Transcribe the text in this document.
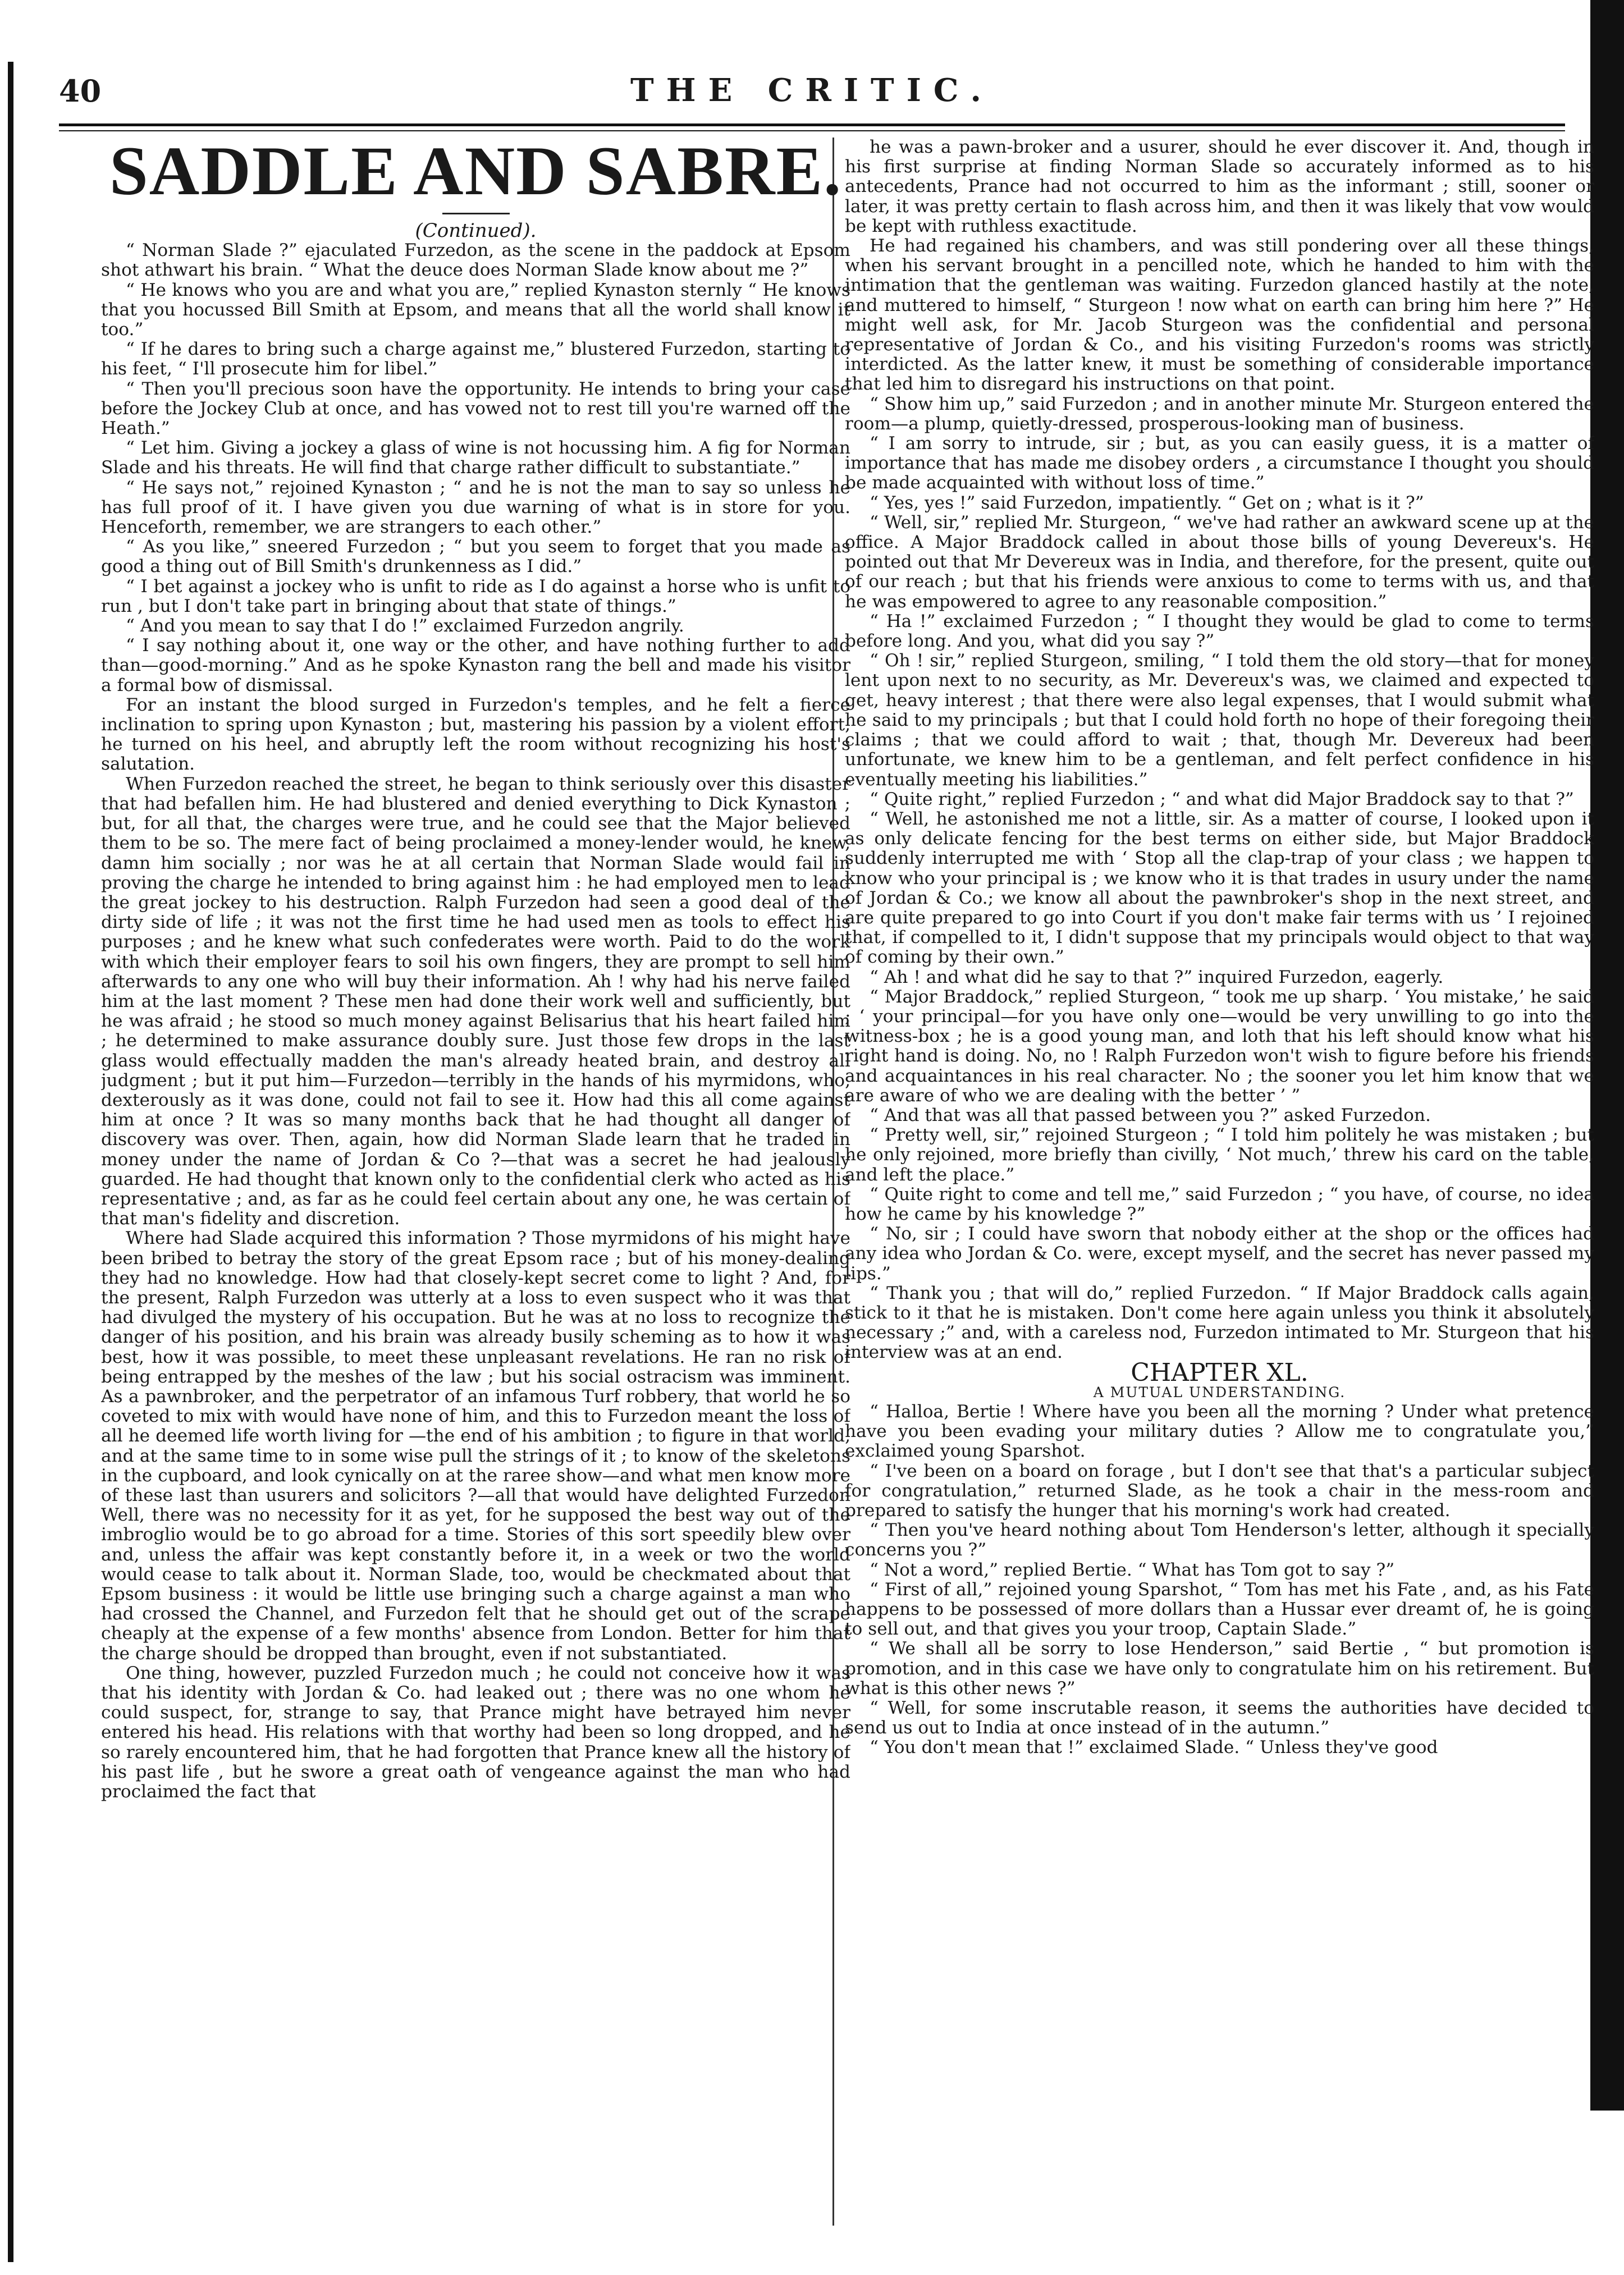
40	THE CRITIC.
SADDLE AND SABRE.

(Continued).

“ Norman Slade ?” ejaculated Furzedon, as the scene in the paddock at Epsom shot athwart his brain. “ What the deuce does Norman Slade know about me ?”

“ He knows who you are and what you are,” replied Kynaston sternly “ He knows that you hocussed Bill Smith at Epsom, and means that all the world shall know it too.”

“ If he dares to bring such a charge against me,” blustered Furzedon, starting to his feet, “ I'll prosecute him for libel.”

“ Then you'll precious soon have the opportunity. He intends to bring your case before the Jockey Club at once, and has vowed not to rest till you're warned off the Heath.”

“ Let him. Giving a jockey a glass of wine is not hocussing him. A fig for Norman Slade and his threats. He will find that charge rather difficult to substantiate.”

“ He says not,” rejoined Kynaston ; “ and he is not the man to say so unless he has full proof of it. I have given you due warning of what is in store for you. Henceforth, remember, we are strangers to each other.”

“ As you like,” sneered Furzedon ; “ but you seem to forget that you made as good a thing out of Bill Smith's drunkenness as I did.”

“ I bet against a jockey who is unfit to ride as I do against a horse who is unfit to run , but I don't take part in bringing about that state of things.”

“ And you mean to say that I do !” exclaimed Furzedon angrily.

“ I say nothing about it, one way or the other, and have nothing further to add than—good-morning.” And as he spoke Kynaston rang the bell and made his visitor a formal bow of dismissal.

For an instant the blood surged in Furzedon's temples, and he felt a fierce inclination to spring upon Kynaston ; but, mastering his passion by a violent effort, he turned on his heel, and abruptly left the room without recognizing his host's salutation.

When Furzedon reached the street, he began to think seriously over this disaster that had befallen him. He had blustered and denied everything to Dick Kynaston ; but, for all that, the charges were true, and he could see that the Major believed them to be so. The mere fact of being proclaimed a money-lender would, he knew, damn him socially ; nor was he at all certain that Norman Slade would fail in proving the charge he intended to bring against him : he had employed men to lead the great jockey to his destruction. Ralph Furzedon had seen a good deal of the dirty side of life ; it was not the first time he had used men as tools to effect his purposes ; and he knew what such confederates were worth. Paid to do the work with which their employer fears to soil his own fingers, they are prompt to sell him afterwards to any one who will buy their information. Ah ! why had his nerve failed him at the last moment ? These men had done their work well and sufficiently, but he was afraid ; he stood so much money against Belisarius that his heart failed him ; he determined to make assurance doubly sure. Just those few drops in the last glass would effectually madden the man's already heated brain, and destroy all judgment ; but it put him—Furzedon—terribly in the hands of his myrmidons, who, dexterously as it was done, could not fail to see it. How had this all come against him at once ? It was so many months back that he had thought all danger of discovery was over. Then, again, how did Norman Slade learn that he traded in money under the name of Jordan & Co ?—that was a secret he had jealously guarded. He had thought that known only to the confidential clerk who acted as his representative ; and, as far as he could feel certain about any one, he was certain of that man's fidelity and discretion.

Where had Slade acquired this information ? Those myrmidons of his might have been bribed to betray the story of the great Epsom race ; but of his money-dealing they had no knowledge. How had that closely-kept secret come to light ? And, for the present, Ralph Furzedon was utterly at a loss to even suspect who it was that had divulged the mystery of his occupation. But he was at no loss to recognize the danger of his position, and his brain was already busily scheming as to how it was best, how it was possible, to meet these unpleasant revelations. He ran no risk of being entrapped by the meshes of the law ; but his social ostracism was imminent. As a pawnbroker, and the perpetrator of an infamous Turf robbery, that world he so coveted to mix with would have none of him, and this to Furzedon meant the loss of all he deemed life worth living for —the end of his ambition ; to figure in that world, and at the same time to in some wise pull the strings of it ; to know of the skeletons in the cupboard, and look cynically on at the raree show—and what men know more of these last than usurers and solicitors ?—all that would have delighted Furzedon Well, there was no necessity for it as yet, for he supposed the best way out of the imbroglio would be to go abroad for a time. Stories of this sort speedily blew over and, unless the affair was kept constantly before it, in a week or two the world would cease to talk about it. Norman Slade, too, would be checkmated about that Epsom business : it would be little use bringing such a charge against a man who had crossed the Channel, and Furzedon felt that he should get out of the scrape cheaply at the expense of a few months' absence from London. Better for him that the charge should be dropped than brought, even if not substantiated.

One thing, however, puzzled Furzedon much ; he could not conceive how it was that his identity with Jordan & Co. had leaked out ; there was no one whom he could suspect, for, strange to say, that Prance might have betrayed him never entered his head. His relations with that worthy had been so long dropped, and he so rarely encountered him, that he had forgotten that Prance knew all the history of his past life , but he swore a great oath of vengeance against the man who had proclaimed the fact that

he was a pawn-broker and a usurer, should he ever discover it. And, though in his first surprise at finding Norman Slade so accurately informed as to his antecedents, Prance had not occurred to him as the informant ; still, sooner or later, it was pretty certain to flash across him, and then it was likely that vow would be kept with ruthless exactitude.

He had regained his chambers, and was still pondering over all these things, when his servant brought in a pencilled note, which he handed to him with the intimation that the gentleman was waiting. Furzedon glanced hastily at the note, and muttered to himself, “ Sturgeon ! now what on earth can bring him here ?” He might well ask, for Mr. Jacob Sturgeon was the confidential and personal representative of Jordan & Co., and his visiting Furzedon's rooms was strictly interdicted. As the latter knew, it must be something of considerable importance that led him to disregard his instructions on that point.

“ Show him up,” said Furzedon ; and in another minute Mr. Sturgeon entered the room—a plump, quietly-dressed, prosperous-looking man of business.

“ I am sorry to intrude, sir ; but, as you can easily guess, it is a matter of importance that has made me disobey orders , a circumstance I thought you should be made acquainted with without loss of time.”

“ Yes, yes !” said Furzedon, impatiently. “ Get on ; what is it ?”

“ Well, sir,” replied Mr. Sturgeon, “ we've had rather an awkward scene up at the office. A Major Braddock called in about those bills of young Devereux's. He pointed out that Mr Devereux was in India, and therefore, for the present, quite out of our reach ; but that his friends were anxious to come to terms with us, and that he was empowered to agree to any reasonable composition.”

“ Ha !” exclaimed Furzedon ; “ I thought they would be glad to come to terms before long. And you, what did you say ?”

“ Oh ! sir,” replied Sturgeon, smiling, “ I told them the old story—that for money lent upon next to no security, as Mr. Devereux's was, we claimed and expected to get, heavy interest ; that there were also legal expenses, that I would submit what he said to my principals ; but that I could hold forth no hope of their foregoing their claims ; that we could afford to wait ; that, though Mr. Devereux had been unfortunate, we knew him to be a gentleman, and felt perfect confidence in his eventually meeting his liabilities.”

“ Quite right,” replied Furzedon ; “ and what did Major Braddock say to that ?”

“ Well, he astonished me not a little, sir. As a matter of course, I looked upon it as only delicate fencing for the best terms on either side, but Major Braddock suddenly interrupted me with ‘ Stop all the clap-trap of your class ; we happen to know who your principal is ; we know who it is that trades in usury under the name of Jordan & Co.; we know all about the pawnbroker's shop in the next street, and are quite prepared to go into Court if you don't make fair terms with us ’ I rejoined that, if compelled to it, I didn't suppose that my principals would object to that way of coming by their own.”

“ Ah ! and what did he say to that ?” inquired Furzedon, eagerly.

“ Major Braddock,” replied Sturgeon, “ took me up sharp. ‘ You mistake,’ he said ; ‘ your principal—for you have only one—would be very unwilling to go into the witness-box ; he is a good young man, and loth that his left should know what his right hand is doing. No, no ! Ralph Furzedon won't wish to figure before his friends and acquaintances in his real character. No ; the sooner you let him know that we are aware of who we are dealing with the better ’ ”

“ And that was all that passed between you ?” asked Furzedon.

“ Pretty well, sir,” rejoined Sturgeon ; “ I told him politely he was mistaken ; but he only rejoined, more briefly than civilly, ‘ Not much,’ threw his card on the table, and left the place.”

“ Quite right to come and tell me,” said Furzedon ; “ you have, of course, no idea how he came by his knowledge ?”

“ No, sir ; I could have sworn that nobody either at the shop or the offices had any idea who Jordan & Co. were, except myself, and the secret has never passed my lips.”

“ Thank you ; that will do,” replied Furzedon. “ If Major Braddock calls again, stick to it that he is mistaken. Don't come here again unless you think it absolutely necessary ;” and, with a careless nod, Furzedon intimated to Mr. Sturgeon that his interview was at an end.

CHAPTER XL.

A MUTUAL UNDERSTANDING.

“ Halloa, Bertie ! Where have you been all the morning ? Under what pretence have you been evading your military duties ? Allow me to congratulate you,” exclaimed young Sparshot.

“ I've been on a board on forage , but I don't see that that's a particular subject for congratulation,” returned Slade, as he took a chair in the mess-room and prepared to satisfy the hunger that his morning's work had created.

“ Then you've heard nothing about Tom Henderson's letter, although it specially concerns you ?”

“ Not a word,” replied Bertie. “ What has Tom got to say ?”

“ First of all,” rejoined young Sparshot, “ Tom has met his Fate , and, as his Fate happens to be possessed of more dollars than a Hussar ever dreamt of, he is going to sell out, and that gives you your troop, Captain Slade.”

“ We shall all be sorry to lose Henderson,” said Bertie , “ but promotion is promotion, and in this case we have only to congratulate him on his retirement. But what is this other news ?”

“ Well, for some inscrutable reason, it seems the authorities have decided to send us out to India at once instead of in the autumn.”

“ You don't mean that !” exclaimed Slade. “ Unless they've good
